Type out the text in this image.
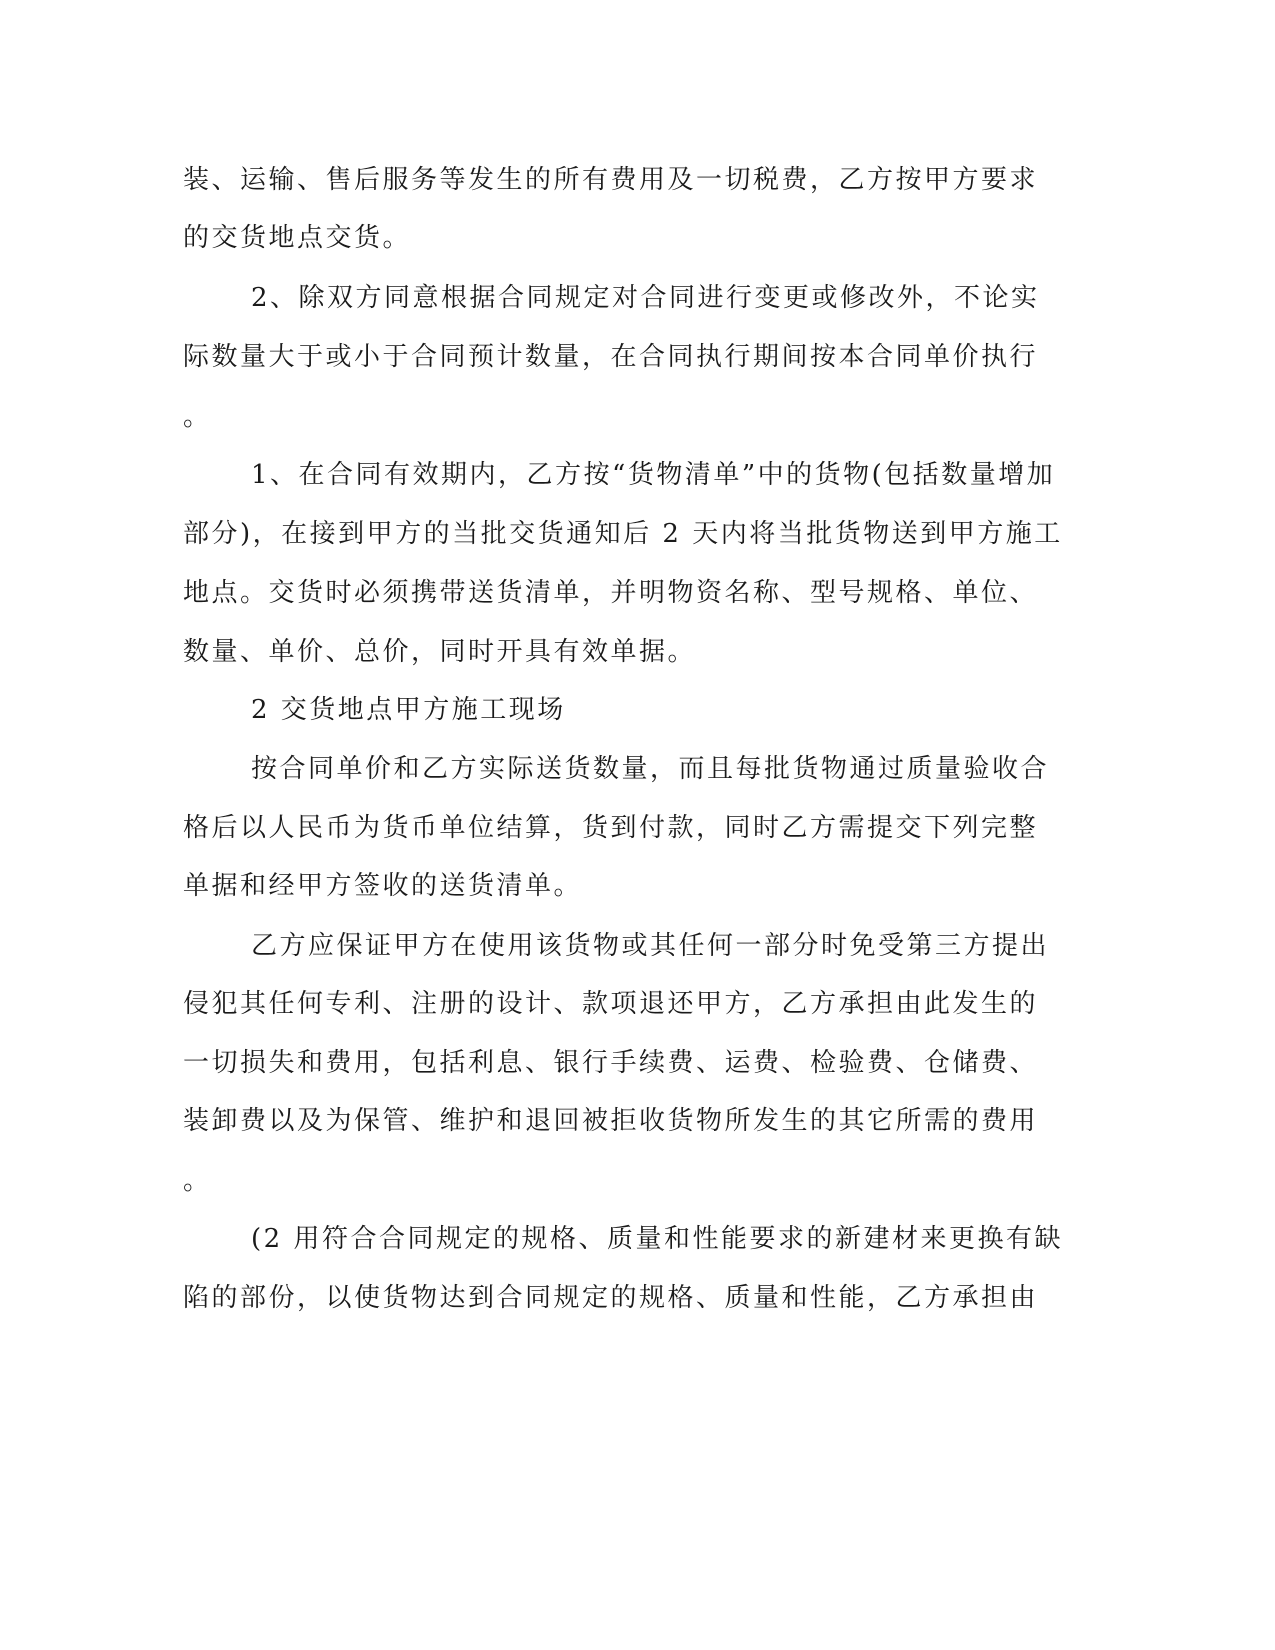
装、运输、售后服务等发生的所有费用及一切税费，乙方按甲方要求
的交货地点交货。
2、除双方同意根据合同规定对合同进行变更或修改外，不论实
际数量大于或小于合同预计数量，在合同执行期间按本合同单价执行
。
1、在合同有效期内，乙方按“货物清单”中的货物(包括数量增加
部分)，在接到甲方的当批交货通知后 2 天内将当批货物送到甲方施工
地点。交货时必须携带送货清单，并明物资名称、型号规格、单位、
数量、单价、总价，同时开具有效单据。
2 交货地点甲方施工现场
按合同单价和乙方实际送货数量，而且每批货物通过质量验收合
格后以人民币为货币单位结算，货到付款，同时乙方需提交下列完整
单据和经甲方签收的送货清单。
乙方应保证甲方在使用该货物或其任何一部分时免受第三方提出
侵犯其任何专利、注册的设计、款项退还甲方，乙方承担由此发生的
一切损失和费用，包括利息、银行手续费、运费、检验费、仓储费、
装卸费以及为保管、维护和退回被拒收货物所发生的其它所需的费用
。
(2 用符合合同规定的规格、质量和性能要求的新建材来更换有缺
陷的部份，以使货物达到合同规定的规格、质量和性能，乙方承担由
